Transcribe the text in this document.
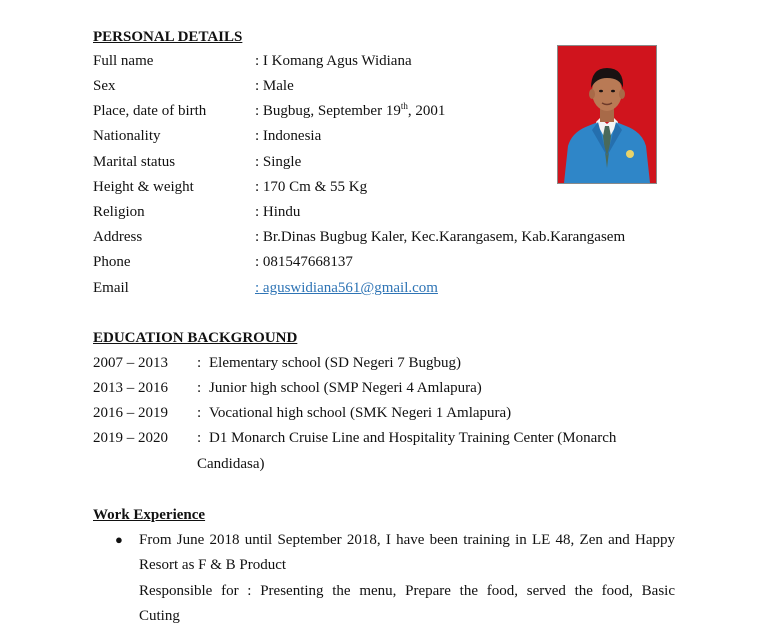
PERSONAL DETAILS
Full name	: I Komang Agus Widiana
Sex	: Male
Place, date of birth	: Bugbug, September 19th, 2001
Nationality	: Indonesia
Marital status	: Single
Height & weight	: 170 Cm & 55 Kg
Religion	: Hindu
Address	: Br.Dinas Bugbug Kaler, Kec.Karangasem, Kab.Karangasem
Phone	: 081547668137
Email	: aguswidiana561@gmail.com
EDUCATION BACKGROUND
2007 – 2013 : Elementary school (SD Negeri 7 Bugbug)
2013 – 2016 : Junior high school (SMP Negeri 4 Amlapura)
2016 – 2019 : Vocational high school (SMK Negeri 1 Amlapura)
2019 – 2020 : D1 Monarch Cruise Line and Hospitality Training Center (Monarch
Candidasa)
Work Experience
● From June 2018 until September 2018, I have been training in LE 48, Zen and Happy
Resort as F & B Product
Responsible for : Presenting the menu, Prepare the food, served the food, Basic
Cuting
